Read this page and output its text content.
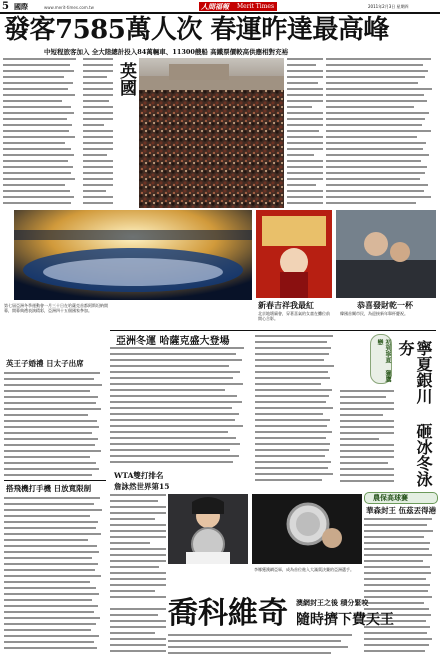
5 國際	www.merit-times.com.tw	人間福報 Merit Times	2011年2月3日 星期四
發客7585萬人次 春運昨達最高峰
中短程旅客加入 全大陸總計投入84萬輛車、11300艘船 高鐵票價較高供應相對充裕
英國
第七屆亞洲冬季運動會一月三十日在哈薩克首都阿斯坦納開幕，開幕典禮表演精彩，亞洲四十五個國家參加。
新春吉祥我最紅	恭喜發財乾一杯
北京地壇廟會，穿著喜氣的女童在攤位前開心合影。
韓國首爾市民，為迎接新年舉杯慶祝。
亞洲冬運 哈薩克盛大登場
英王子婚禮 日太子出席
搭飛機打手機 日放寬限制
初到寧夏 獵鷹戀	寧夏銀川 砸冰冬泳夯
農保高球賽
華森封王 伍茲丟得港
WTA雙打排名
詹詠然世界第15
李娜獲澳網亞軍，成為首位進入大滿貫決賽的亞洲選手。
喬科維奇 澳網封王之後 積分緊咬
隨時擠下費天王
